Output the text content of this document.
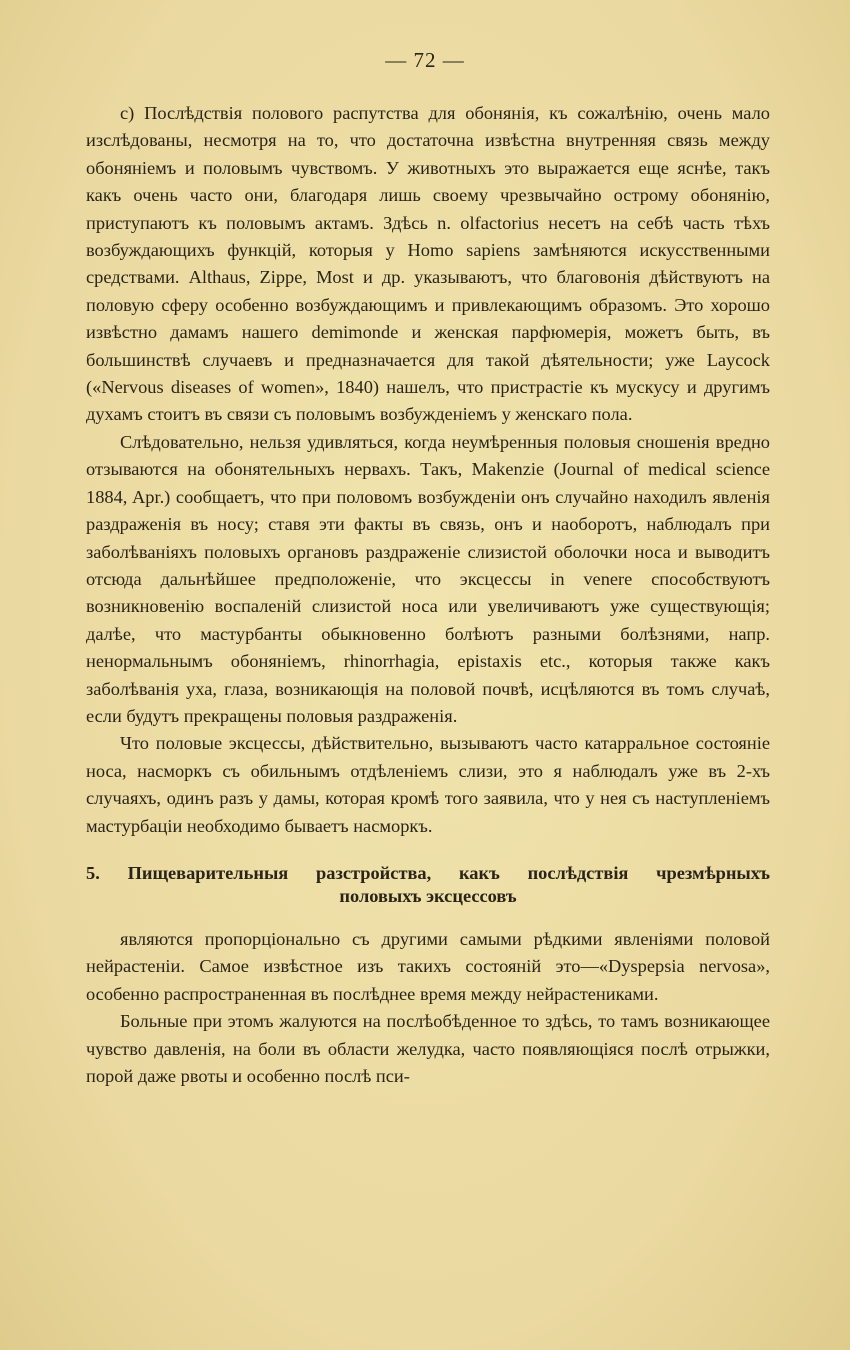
— 72 —

c) Послѣдствія полового распутства для обонянія, къ сожалѣнію, очень мало изслѣдованы, несмотря на то, что достаточна извѣстна внутренняя связь между обоняніемъ и половымъ чувствомъ. У животныхъ это выражается еще яснѣе, такъ какъ очень часто они, благодаря лишь своему чрезвычайно острому обонянію, приступаютъ къ половымъ актамъ. Здѣсь n. olfactorius несетъ на себѣ часть тѣхъ возбуждающихъ функцій, которыя у Homo sapiens замѣняются искусственными средствами. Althaus, Zippe, Most и др. указываютъ, что благовонія дѣйствуютъ на половую сферу особенно возбуждающимъ и привлекающимъ образомъ. Это хорошо извѣстно дамамъ нашего demimonde и женская парфюмерія, можетъ быть, въ большинствѣ случаевъ и предназначается для такой дѣятельности; уже Laycock («Nervous diseases of women», 1840) нашелъ, что пристрастіе къ мускусу и другимъ духамъ стоитъ въ связи съ половымъ возбужденіемъ у женскаго пола.

Слѣдовательно, нельзя удивляться, когда неумѣренныя половыя сношенія вредно отзываются на обонятельныхъ нервахъ. Такъ, Makenzie (Journal of medical science 1884, Apr.) сообщаетъ, что при половомъ возбужденіи онъ случайно находилъ явленія раздраженія въ носу; ставя эти факты въ связь, онъ и наоборотъ, наблюдалъ при заболѣваніяхъ половыхъ органовъ раздраженіе слизистой оболочки носа и выводитъ отсюда дальнѣйшее предположеніе, что эксцессы in venere способствуютъ возникновенію воспаленій слизистой носа или увеличиваютъ уже существующія; далѣе, что мастурбанты обыкновенно болѣютъ разными болѣзнями, напр. ненормальнымъ обоняніемъ, rhinorrhagia, epistaxis etc., которыя также какъ заболѣванія уха, глаза, возникающія на половой почвѣ, исцѣляются въ томъ случаѣ, если будутъ прекращены половыя раздраженія.

Что половые эксцессы, дѣйствительно, вызываютъ часто катарральное состояніе носа, насморкъ съ обильнымъ отдѣленіемъ слизи, это я наблюдалъ уже въ 2-хъ случаяхъ, одинъ разъ у дамы, которая кромѣ того заявила, что у нея съ наступленіемъ мастурбаціи необходимо бываетъ насморкъ.

5. Пищеварительныя разстройства, какъ послѣдствія чрезмѣрныхъ
половыхъ эксцессовъ

являются пропорціонально съ другими самыми рѣдкими явленіями половой нейрастеніи. Самое извѣстное изъ такихъ состояній это—«Dyspepsia nervosa», особенно распространенная въ послѣднее время между нейрастениками.

Больные при этомъ жалуются на послѣобѣденное то здѣсь, то тамъ возникающее чувство давленія, на боли въ области желудка, часто появляющіяся послѣ отрыжки, порой даже рвоты и особенно послѣ пси-
